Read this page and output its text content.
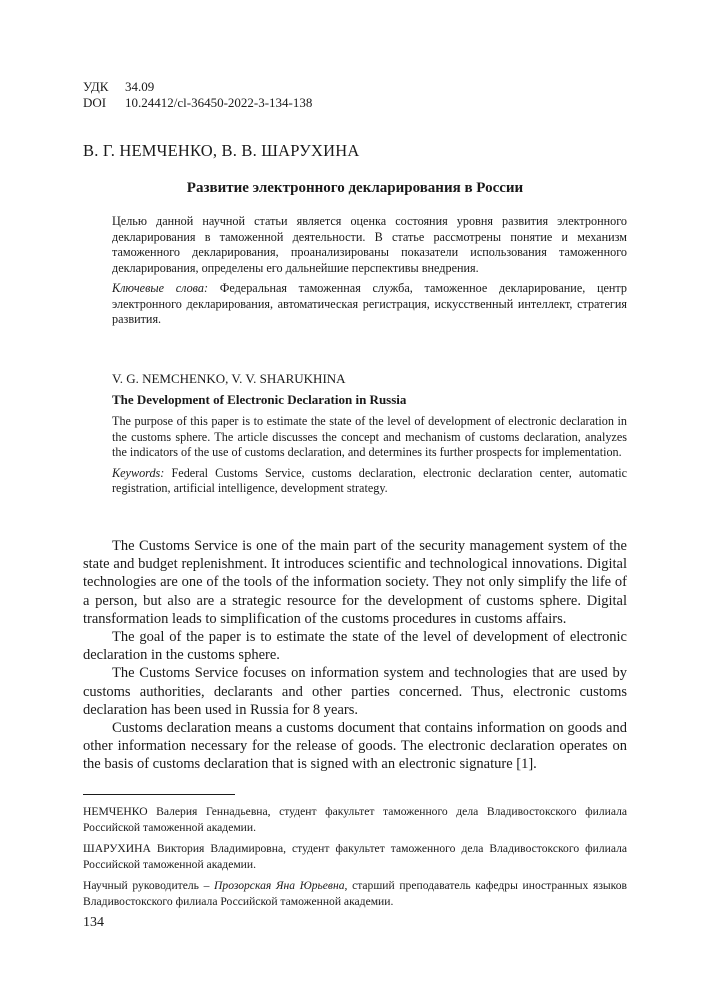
УДК 34.09
DOI 10.24412/cl-36450-2022-3-134-138
В. Г. НЕМЧЕНКО, В. В. ШАРУХИНА
Развитие электронного декларирования в России
Целью данной научной статьи является оценка состояния уровня развития электронного декларирования в таможенной деятельности. В статье рассмотрены понятие и механизм таможенного декларирования, проанализированы показатели использования таможенного декларирования, определены его дальнейшие перспективы внедрения.
Ключевые слова: Федеральная таможенная служба, таможенное декларирование, центр электронного декларирования, автоматическая регистрация, искусственный интеллект, стратегия развития.
V. G. NEMCHENKO, V. V. SHARUKHINA
The Development of Electronic Declaration in Russia
The purpose of this paper is to estimate the state of the level of development of electronic declaration in the customs sphere. The article discusses the concept and mechanism of customs declaration, analyzes the indicators of the use of customs declaration, and determines its further prospects for implementation.
Keywords: Federal Customs Service, customs declaration, electronic declaration center, automatic registration, artificial intelligence, development strategy.

The Customs Service is one of the main part of the security management system of the state and budget replenishment. It introduces scientific and technological innovations. Digital technologies are one of the tools of the information society. They not only simplify the life of a person, but also are a strategic resource for the development of customs sphere. Digital transformation leads to simplification of the customs procedures in customs affairs.

The goal of the paper is to estimate the state of the level of development of electronic declaration in the customs sphere.

The Customs Service focuses on information system and technologies that are used by customs authorities, declarants and other parties concerned. Thus, electronic customs declaration has been used in Russia for 8 years.

Customs declaration means a customs document that contains information on goods and other information necessary for the release of goods. The electronic declaration operates on the basis of customs declaration that is signed with an electronic signature [1].

НЕМЧЕНКО Валерия Геннадьевна, студент факультет таможенного дела Владивостокского филиала Российской таможенной академии.

ШАРУХИНА Виктория Владимировна, студент факультет таможенного дела Владивостокского филиала Российской таможенной академии.

Научный руководитель – Прозорская Яна Юрьевна, старший преподаватель кафедры иностранных языков Владивостокского филиала Российской таможенной академии.

134
